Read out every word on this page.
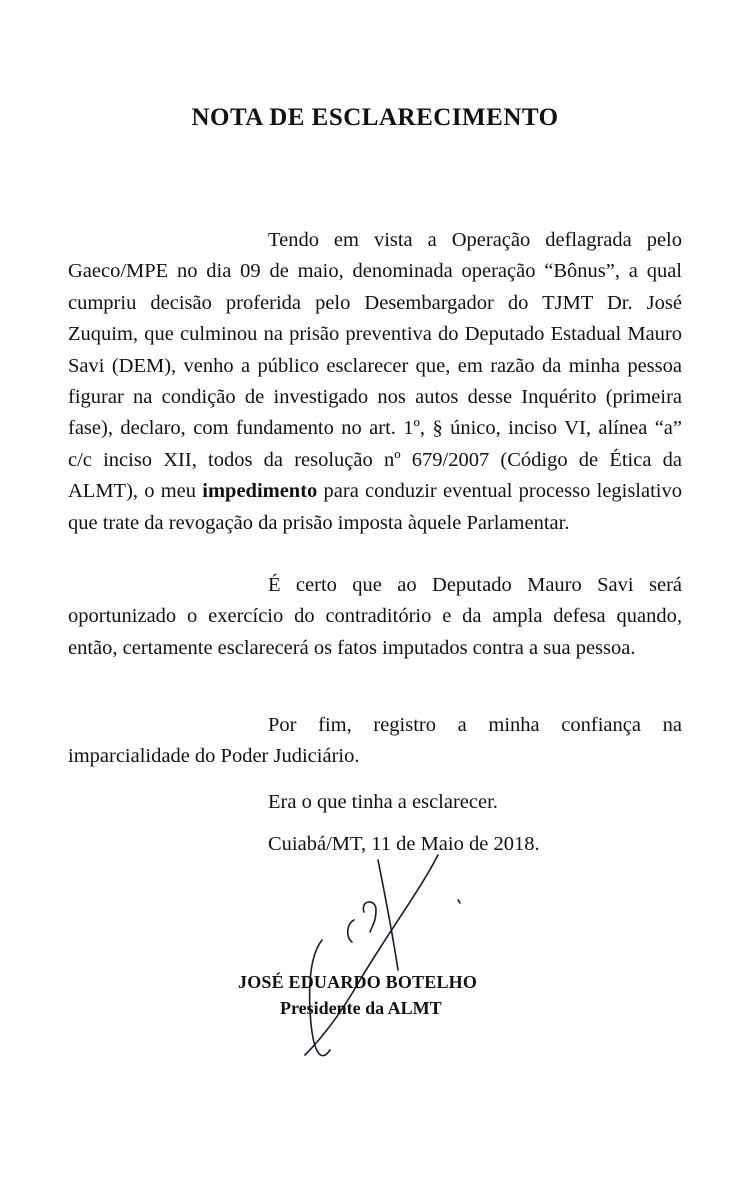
NOTA DE ESCLARECIMENTO

Tendo em vista a Operação deflagrada pelo Gaeco/MPE no dia 09 de maio, denominada operação “Bônus”, a qual cumpriu decisão proferida pelo Desembargador do TJMT Dr. José Zuquim, que culminou na prisão preventiva do Deputado Estadual Mauro Savi (DEM), venho a público esclarecer que, em razão da minha pessoa figurar na condição de investigado nos autos desse Inquérito (primeira fase), declaro, com fundamento no art. 1º, § único, inciso VI, alínea “a” c/c inciso XII, todos da resolução nº 679/2007 (Código de Ética da ALMT), o meu impedimento para conduzir eventual processo legislativo que trate da revogação da prisão imposta àquele Parlamentar.

É certo que ao Deputado Mauro Savi será oportunizado o exercício do contraditório e da ampla defesa quando, então, certamente esclarecerá os fatos imputados contra a sua pessoa.

Por fim, registro a minha confiança na imparcialidade do Poder Judiciário.

Era o que tinha a esclarecer.
Cuiabá/MT, 11 de Maio de 2018.
JOSÉ EDUARDO BOTELHO
Presidente da ALMT
